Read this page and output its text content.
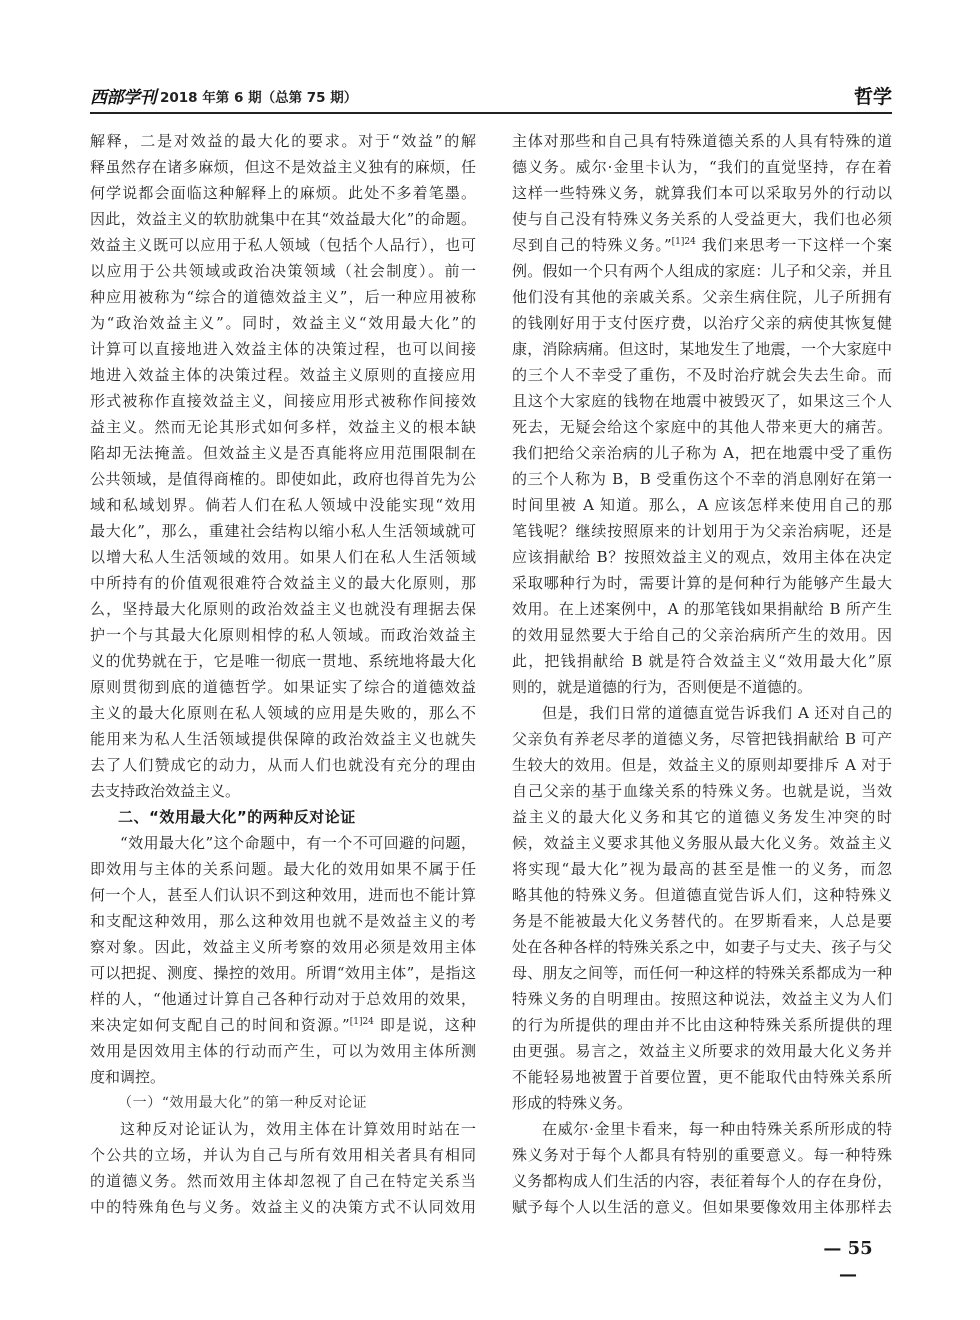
西部学刊 2018 年第 6 期（总第 75 期）	哲学
解释，二是对效益的最大化的要求。对于“效益”的解
释虽然存在诸多麻烦，但这不是效益主义独有的麻烦，任
何学说都会面临这种解释上的麻烦。此处不多着笔墨。
因此，效益主义的软肋就集中在其“效益最大化”的命题。
效益主义既可以应用于私人领域（包括个人品行），也可
以应用于公共领域或政治决策领域（社会制度）。前一
种应用被称为“综合的道德效益主义”，后一种应用被称
为“政治效益主义”。同时，效益主义“效用最大化”的
计算可以直接地进入效益主体的决策过程，也可以间接
地进入效益主体的决策过程。效益主义原则的直接应用
形式被称作直接效益主义，间接应用形式被称作间接效
益主义。然而无论其形式如何多样，效益主义的根本缺
陷却无法掩盖。但效益主义是否真能将应用范围限制在
公共领域，是值得商榷的。即使如此，政府也得首先为公
域和私域划界。倘若人们在私人领域中没能实现“效用
最大化”，那么，重建社会结构以缩小私人生活领域就可
以增大私人生活领域的效用。如果人们在私人生活领域
中所持有的价值观很难符合效益主义的最大化原则，那
么，坚持最大化原则的政治效益主义也就没有理据去保
护一个与其最大化原则相悖的私人领域。而政治效益主
义的优势就在于，它是唯一彻底一贯地、系统地将最大化
原则贯彻到底的道德哲学。如果证实了综合的道德效益
主义的最大化原则在私人领域的应用是失败的，那么不
能用来为私人生活领域提供保障的政治效益主义也就失
去了人们赞成它的动力，从而人们也就没有充分的理由
去支持政治效益主义。
二、“效用最大化”的两种反对论证
“效用最大化”这个命题中，有一个不可回避的问题，
即效用与主体的关系问题。最大化的效用如果不属于任
何一个人，甚至人们认识不到这种效用，进而也不能计算
和支配这种效用，那么这种效用也就不是效益主义的考
察对象。因此，效益主义所考察的效用必须是效用主体
可以把捉、测度、操控的效用。所谓“效用主体”，是指这
样的人，“他通过计算自己各种行动对于总效用的效果，
来决定如何支配自己的时间和资源。”$^{[1]24}$ 即是说，这种
效用是因效用主体的行动而产生，可以为效用主体所测
度和调控。
（一）“效用最大化”的第一种反对论证
这种反对论证认为，效用主体在计算效用时站在一
个公共的立场，并认为自己与所有效用相关者具有相同
的道德义务。然而效用主体却忽视了自己在特定关系当
中的特殊角色与义务。效益主义的决策方式不认同效用
主体对那些和自己具有特殊道德关系的人具有特殊的道
德义务。威尔·金里卡认为，“我们的直觉坚持，存在着
这样一些特殊义务，就算我们本可以采取另外的行动以
使与自己没有特殊义务关系的人受益更大，我们也必须
尽到自己的特殊义务。”$^{[1]24}$ 我们来思考一下这样一个案
例。假如一个只有两个人组成的家庭：儿子和父亲，并且
他们没有其他的亲戚关系。父亲生病住院，儿子所拥有
的钱刚好用于支付医疗费，以治疗父亲的病使其恢复健
康，消除病痛。但这时，某地发生了地震，一个大家庭中
的三个人不幸受了重伤，不及时治疗就会失去生命。而
且这个大家庭的钱物在地震中被毁灭了，如果这三个人
死去，无疑会给这个家庭中的其他人带来更大的痛苦。
我们把给父亲治病的儿子称为 A，把在地震中受了重伤
的三个人称为 B，B 受重伤这个不幸的消息刚好在第一
时间里被 A 知道。那么，A 应该怎样来使用自己的那
笔钱呢？继续按照原来的计划用于为父亲治病呢，还是
应该捐献给 B？按照效益主义的观点，效用主体在决定
采取哪种行为时，需要计算的是何种行为能够产生最大
效用。在上述案例中，A 的那笔钱如果捐献给 B 所产生
的效用显然要大于给自己的父亲治病所产生的效用。因
此，把钱捐献给 B 就是符合效益主义“效用最大化”原
则的，就是道德的行为，否则便是不道德的。
但是，我们日常的道德直觉告诉我们 A 还对自己的
父亲负有养老尽孝的道德义务，尽管把钱捐献给 B 可产
生较大的效用。但是，效益主义的原则却要排斥 A 对于
自己父亲的基于血缘关系的特殊义务。也就是说，当效
益主义的最大化义务和其它的道德义务发生冲突的时
候，效益主义要求其他义务服从最大化义务。效益主义
将实现“最大化”视为最高的甚至是惟一的义务，而忽
略其他的特殊义务。但道德直觉告诉人们，这种特殊义
务是不能被最大化义务替代的。在罗斯看来，人总是要
处在各种各样的特殊关系之中，如妻子与丈夫、孩子与父
母、朋友之间等，而任何一种这样的特殊关系都成为一种
特殊义务的自明理由。按照这种说法，效益主义为人们
的行为所提供的理由并不比由这种特殊关系所提供的理
由更强。易言之，效益主义所要求的效用最大化义务并
不能轻易地被置于首要位置，更不能取代由特殊关系所
形成的特殊义务。
在威尔·金里卡看来，每一种由特殊关系所形成的特
殊义务对于每个人都具有特别的重要意义。每一种特殊
义务都构成人们生活的内容，表征着每个人的存在身份，
赋予每个人以生活的意义。但如果要像效用主体那样去
— 55 —
